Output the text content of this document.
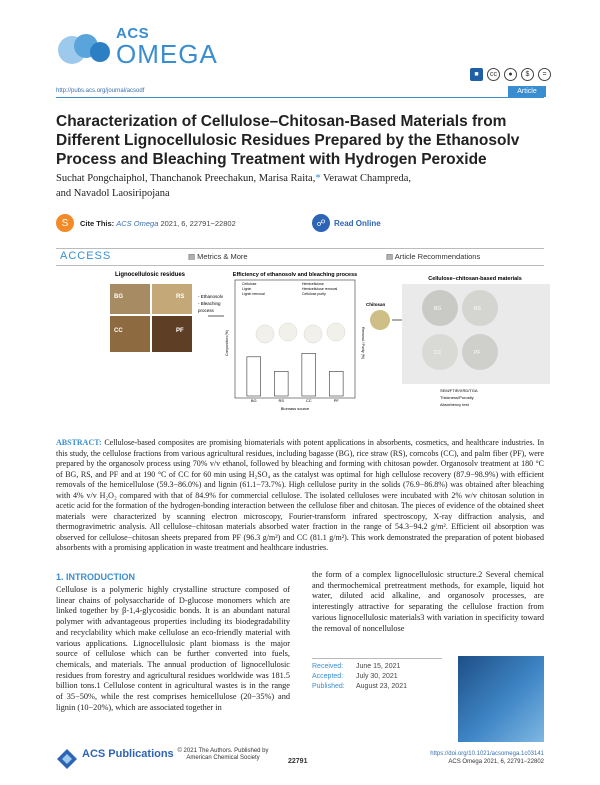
ACS
OMEGA
■	cc	●	$	=
http://pubs.acs.org/journal/acsodf	Article
Characterization of Cellulose–Chitosan-Based Materials from Different Lignocellulosic Residues Prepared by the Ethanosolv Process and Bleaching Treatment with Hydrogen Peroxide
Suchat Pongchaiphol, Thanchanok Preechakun, Marisa Raita,* Verawat Champreda,
and Navadol Laosiripojana
S	Cite This: ACS Omega 2021, 6, 22791−22802	☍	Read Online
ACCESS	▤ Metrics & More	▤ Article Recommendations
Lignocellulosic residues
BG	RS
CC	PF
- Ethanosolv
- Bleaching
process
Efficiency of ethanosolv and bleaching process
Cellulose
Lignin
Lignin removal
Hemicellulose
Hemicellulose removal
Cellulose purity
BG	RS	CC	PF
Biomass source
Composition (%)	Removal / Purity (%)
Chitosan
Cellulose–chitosan-based materials
BG	RS
CC	PF
SEM/FTIR/XRD/TGA
Thickness/Porosity
Absorbency test
ABSTRACT: Cellulose-based composites are promising biomaterials with potent applications in absorbents, cosmetics, and healthcare industries. In this study, the cellulose fractions from various agricultural residues, including bagasse (BG), rice straw (RS), corncobs (CC), and palm fiber (PF), were prepared by the organosolv process using 70% v/v ethanol, followed by bleaching and forming with chitosan powder. Organosolv treatment at 180 °C of BG, RS, and PF and at 190 °C of CC for 60 min using H₂SO₄ as the catalyst was optimal for high cellulose recovery (87.9−98.9%) with efficient removals of the hemicellulose (59.3−86.0%) and lignin (61.1−73.7%). High cellulose purity in the solids (76.9−86.8%) was obtained after bleaching with 4% v/v H₂O₂ compared with that of 84.9% for commercial cellulose. The isolated celluloses were incubated with 2% w/v chitosan solution in acetic acid for the formation of the hydrogen-bonding interaction between the cellulose fiber and chitosan. The pieces of evidence of the obtained sheet materials were characterized by scanning electron microscopy, Fourier-transform infrared spectroscopy, X-ray diffraction analysis, and thermogravimetric analysis. All cellulose−chitosan materials absorbed water fraction in the range of 54.3−94.2 g/m². Efficient oil absorption was observed for cellulose−chitosan sheets prepared from PF (96.3 g/m²) and CC (81.1 g/m²). This work demonstrated the preparation of potent biobased absorbents with a promising application in waste treatment and healthcare industries.
1. INTRODUCTION
Cellulose is a polymeric highly crystalline structure composed of linear chains of polysaccharide of D-glucose monomers which are linked together by β-1,4-glycosidic bonds. It is an abundant natural polymer with advantageous properties including its biodegradability and recyclability which make cellulose an eco-friendly material with various applications. Lignocellulosic plant biomass is the major source of cellulose which can be further converted into fuels, chemicals, and materials. The annual production of lignocellulosic residues from forestry and agricultural residues worldwide was 181.5 billion tons.1 Cellulose content in agricultural wastes is in the range of 35−50%, while the rest comprises hemicellulose (20−35%) and lignin (10−20%), which are associated together in
the form of a complex lignocellulosic structure.2 Several chemical and thermochemical pretreatment methods, for example, liquid hot water, diluted acid alkaline, and organosolv processes, are interestingly attractive for separating the cellulose fraction from various lignocellulosic materials3 with variation in specificity toward the removal of noncellulose
Received: June 15, 2021
Accepted: July 30, 2021
Published: August 23, 2021
ACS Publications © 2021 The Authors. Published by American Chemical Society	22791
https://doi.org/10.1021/acsomega.1c03141
ACS Omega 2021, 6, 22791−22802
